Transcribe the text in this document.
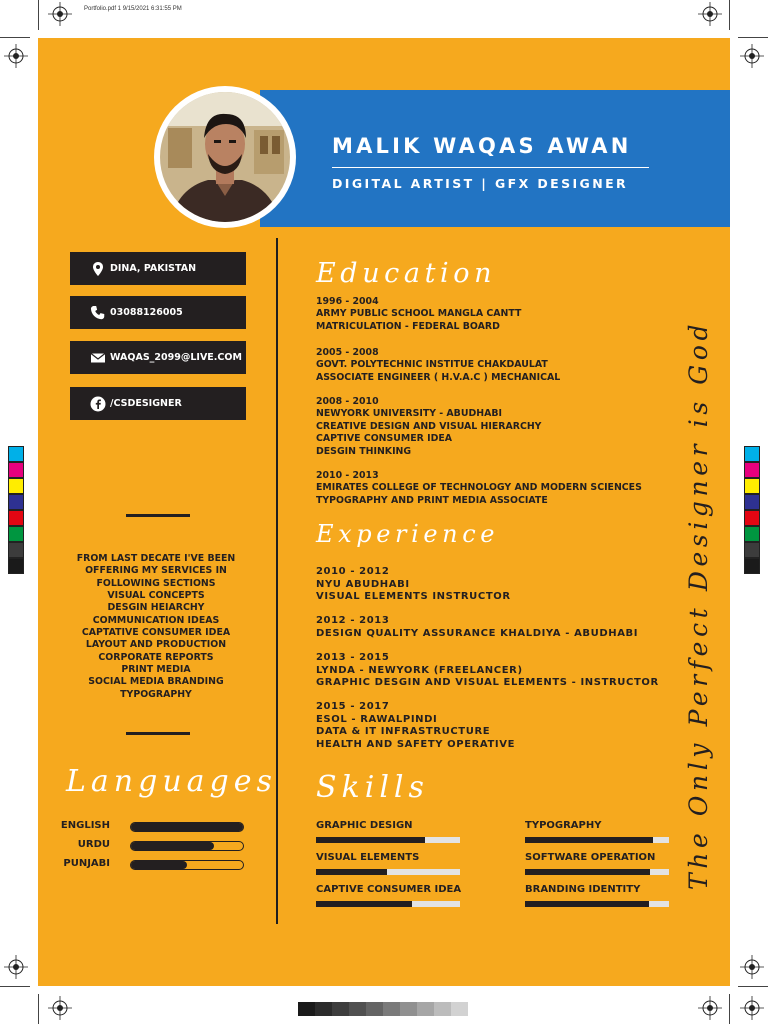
Portfolio.pdf 1 9/15/2021 6:31:55 PM
MALIK WAQAS AWAN
DIGITAL ARTIST | GFX DESIGNER
DINA, PAKISTAN
03088126005
WAQAS_2099@LIVE.COM
/CSDESIGNER
FROM LAST DECATE I'VE BEEN
OFFERING MY SERVICES IN
FOLLOWING SECTIONS
VISUAL CONCEPTS
DESGIN HEIARCHY
COMMUNICATION IDEAS
CAPTATIVE CONSUMER IDEA
LAYOUT AND PRODUCTION
CORPORATE REPORTS
PRINT MEDIA
SOCIAL MEDIA BRANDING
TYPOGRAPHY
Languages
ENGLISH
URDU
PUNJABI
Education
1996 - 2004
ARMY PUBLIC SCHOOL MANGLA CANTT
MATRICULATION - FEDERAL BOARD
2005 - 2008
GOVT. POLYTECHNIC INSTITUE CHAKDAULAT
ASSOCIATE ENGINEER ( H.V.A.C ) MECHANICAL
2008 - 2010
NEWYORK UNIVERSITY - ABUDHABI
CREATIVE DESIGN AND VISUAL HIERARCHY
CAPTIVE CONSUMER IDEA
DESGIN THINKING
2010 - 2013
EMIRATES COLLEGE OF TECHNOLOGY AND MODERN SCIENCES
TYPOGRAPHY AND PRINT MEDIA ASSOCIATE
Experience
2010 - 2012
NYU ABUDHABI
VISUAL ELEMENTS INSTRUCTOR
2012 - 2013
DESIGN QUALITY ASSURANCE KHALDIYA - ABUDHABI
2013 - 2015
LYNDA - NEWYORK (FREELANCER)
GRAPHIC DESGIN AND VISUAL ELEMENTS - INSTRUCTOR
2015 - 2017
ESOL - RAWALPINDI
DATA & IT INFRASTRUCTURE
HEALTH AND SAFETY OPERATIVE
Skills
GRAPHIC DESIGN	TYPOGRAPHY
VISUAL ELEMENTS	SOFTWARE OPERATION
CAPTIVE CONSUMER IDEA	BRANDING IDENTITY	The Only Perfect Designer is God
